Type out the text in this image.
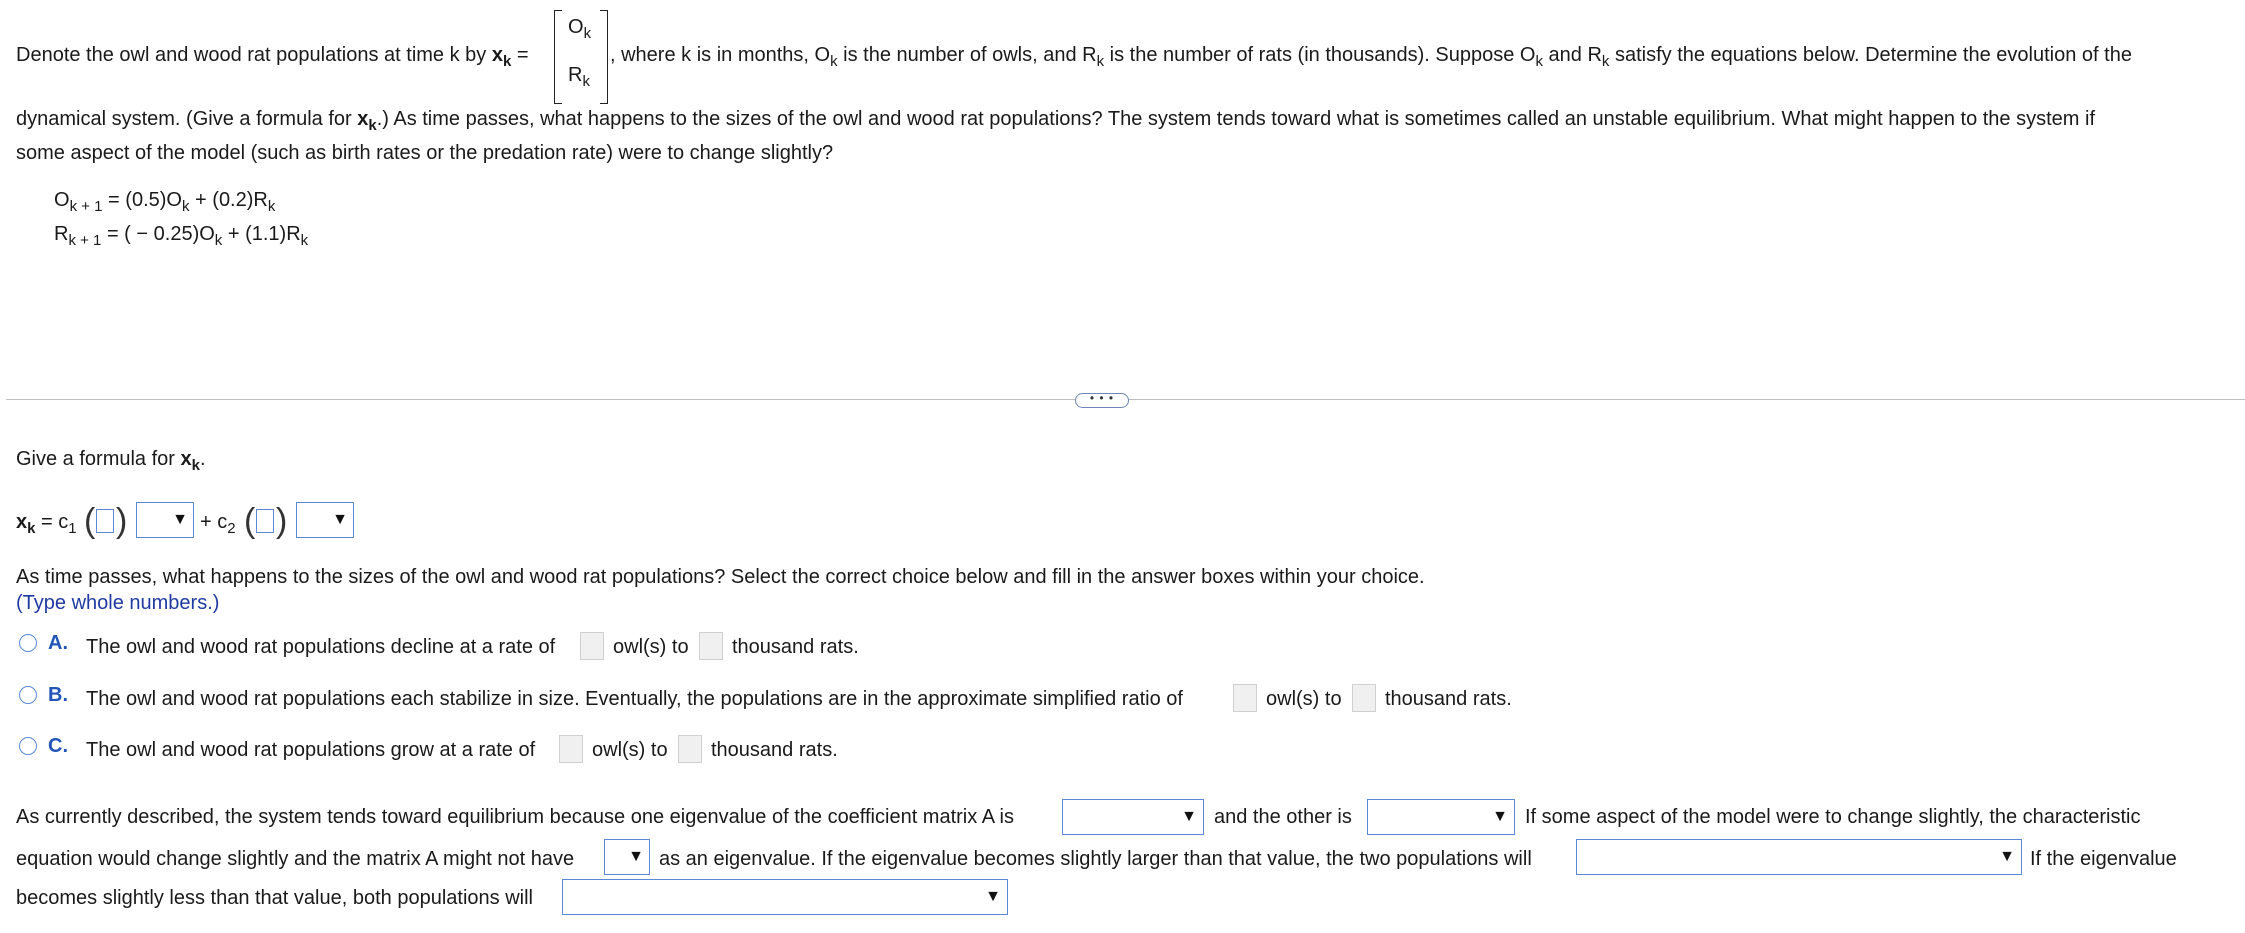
Denote the owl and wood rat populations at time k by $x_k$ =
$O_k$
$R_k$
, where k is in months, $O_k$ is the number of owls, and $R_k$ is the number of rats (in thousands). Suppose $O_k$ and $R_k$ satisfy the equations below. Determine the evolution of the
dynamical system. (Give a formula for $x_k$.) As time passes, what happens to the sizes of the owl and wood rat populations? The system tends toward what is sometimes called an unstable equilibrium. What might happen to the system if
some aspect of the model (such as birth rates or the predation rate) were to change slightly?
$O_{k + 1} = (0.5)O_k + (0.2)R_k$
$R_{k + 1}$ = ( − $0.25)O_k + (1.1)R_k$
• • •
Give a formula for $x_k$.
$x_k = c_1$ ( )	▼ + $c_2$ ( )	▼
As time passes, what happens to the sizes of the owl and wood rat populations? Select the correct choice below and fill in the answer boxes within your choice.
(Type whole numbers.)
A. The owl and wood rat populations decline at a rate of	owl(s) to thousand rats.
B. The owl and wood rat populations each stabilize in size. Eventually, the populations are in the approximate simplified ratio of	owl(s) to thousand rats.
C. The owl and wood rat populations grow at a rate of	owl(s) to thousand rats.
As currently described, the system tends toward equilibrium because one eigenvalue of the coefficient matrix A is	▼ and the other is	▼ If some aspect of the model were to change slightly, the characteristic
equation would change slightly and the matrix A might not have	▼ as an eigenvalue. If the eigenvalue becomes slightly larger than that value, the two populations will	▼ If the eigenvalue
becomes slightly less than that value, both populations will	▼
